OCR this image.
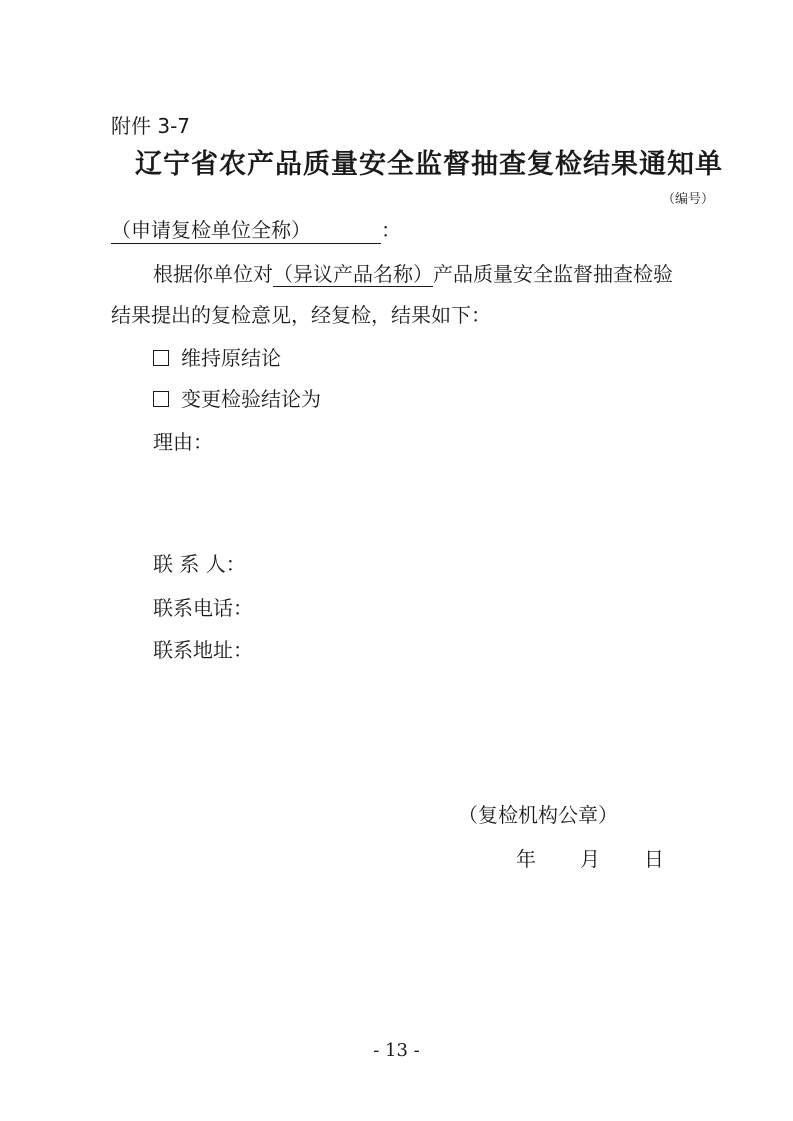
附件 3-7
辽宁省农产品质量安全监督抽查复检结果通知单
（编号）
（申请复检单位全称）	：
根据你单位对（异议产品名称）产品质量安全监督抽查检验
结果提出的复检意见，经复检，结果如下：
维持原结论
变更检验结论为
理由：
联 系 人：
联系电话：
联系地址：
（复检机构公章）
年 月 日
- 13 -
